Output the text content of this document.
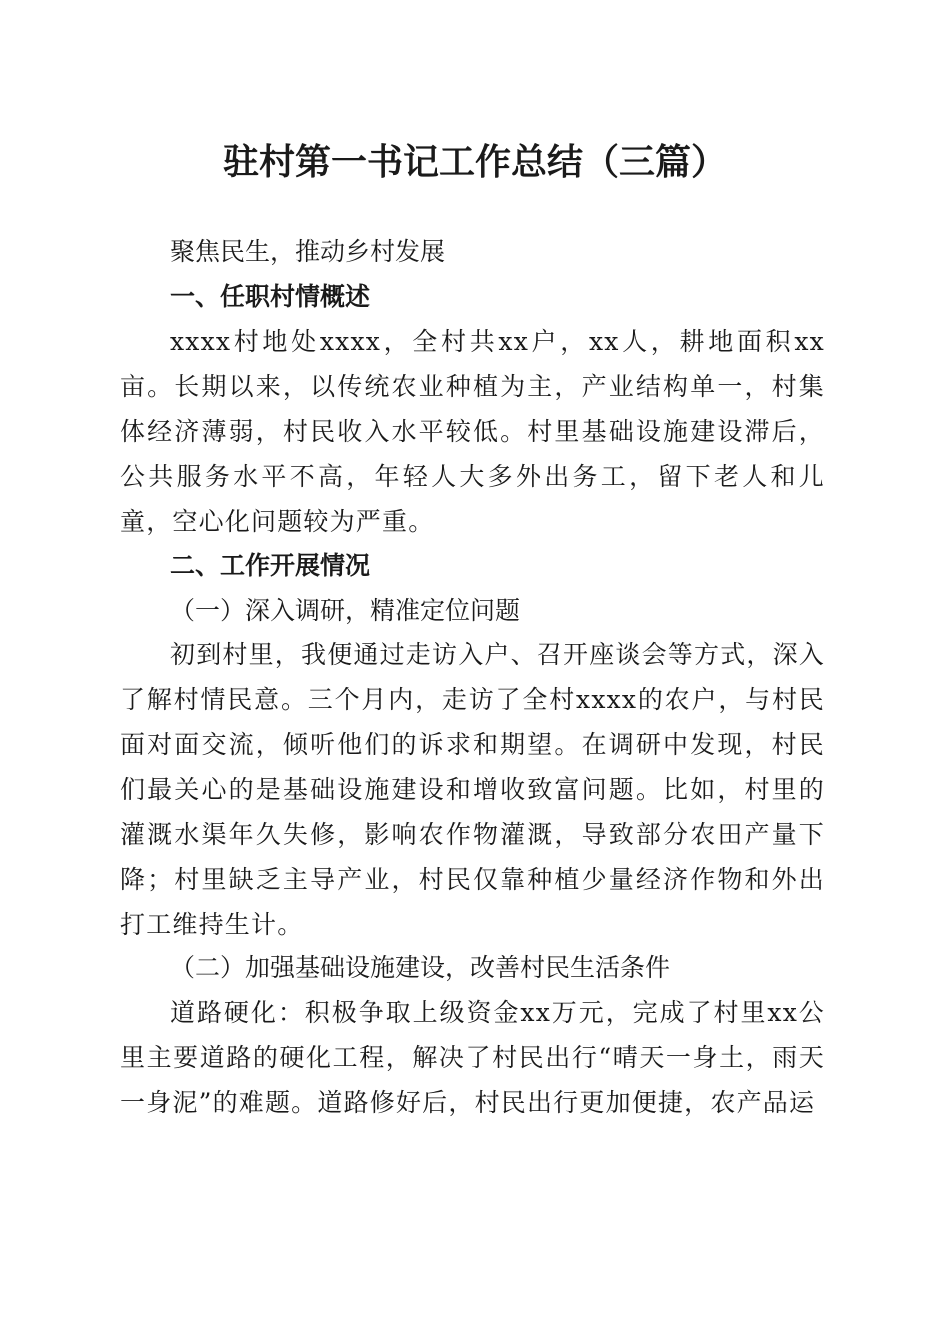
驻村第一书记工作总结（三篇）

聚焦民生，推动乡村发展

一、任职村情概述

xxxx村地处xxxx，全村共xx户，xx人，耕地面积xx亩。长期以来，以传统农业种植为主，产业结构单一，村集体经济薄弱，村民收入水平较低。村里基础设施建设滞后，公共服务水平不高，年轻人大多外出务工，留下老人和儿童，空心化问题较为严重。

二、工作开展情况

（一）深入调研，精准定位问题

初到村里，我便通过走访入户、召开座谈会等方式，深入了解村情民意。三个月内，走访了全村xxxx的农户，与村民面对面交流，倾听他们的诉求和期望。在调研中发现，村民们最关心的是基础设施建设和增收致富问题。比如，村里的灌溉水渠年久失修，影响农作物灌溉，导致部分农田产量下降；村里缺乏主导产业，村民仅靠种植少量经济作物和外出打工维持生计。

（二）加强基础设施建设，改善村民生活条件

道路硬化：积极争取上级资金xx万元，完成了村里xx公里主要道路的硬化工程，解决了村民出行“晴天一身土，雨天一身泥”的难题。道路修好后，村民出行更加便捷，农产品运
